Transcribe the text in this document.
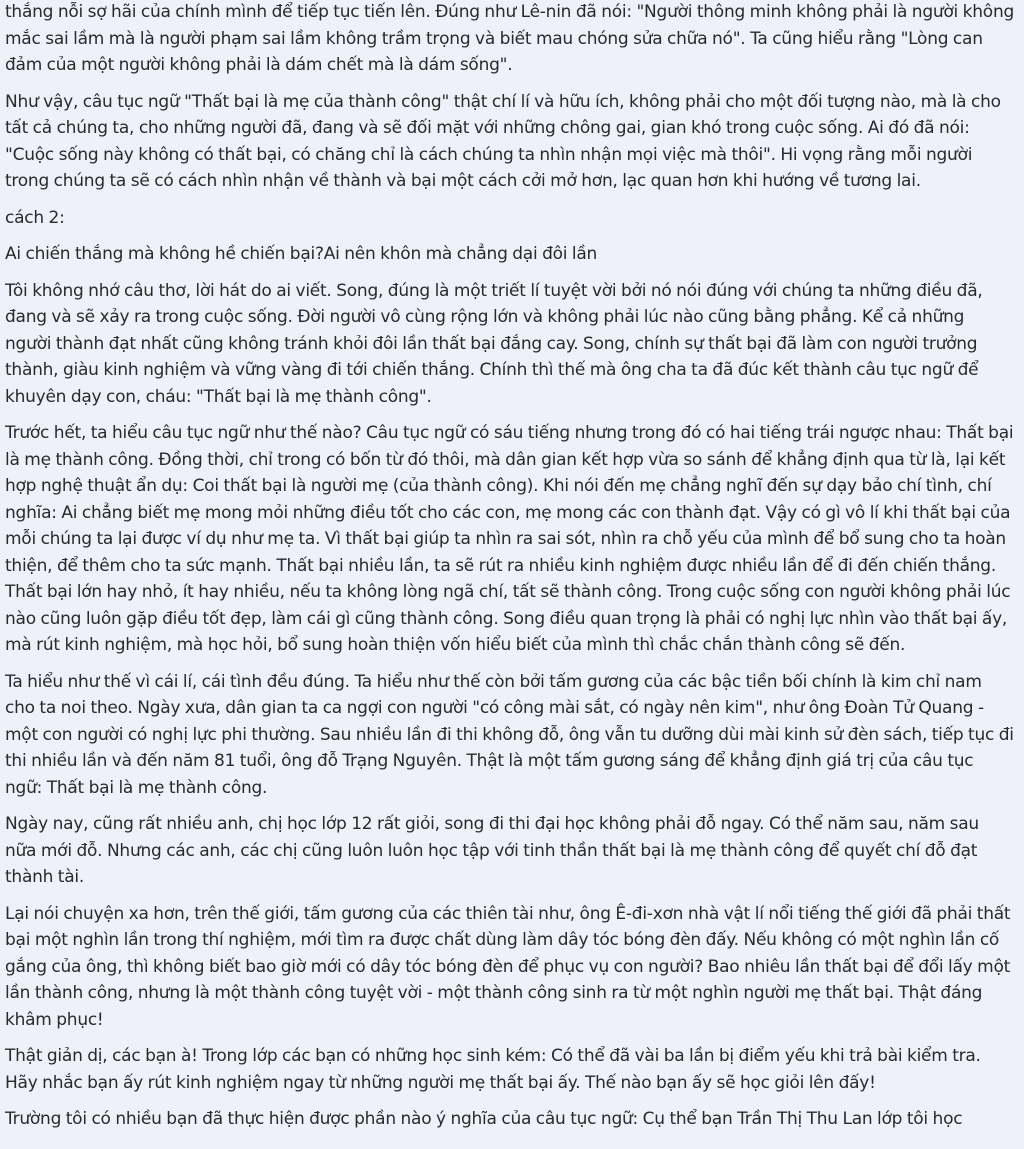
thắng nỗi sợ hãi của chính mình để tiếp tục tiến lên. Đúng như Lê-nin đã nói: "Người thông minh không phải là người không mắc sai lầm mà là người phạm sai lầm không trầm trọng và biết mau chóng sửa chữa nó". Ta cũng hiểu rằng "Lòng can đảm của một người không phải là dám chết mà là dám sống".

Như vậy, câu tục ngữ "Thất bại là mẹ của thành công" thật chí lí và hữu ích, không phải cho một đối tượng nào, mà là cho tất cả chúng ta, cho những người đã, đang và sẽ đối mặt với những chông gai, gian khó trong cuộc sống. Ai đó đã nói: "Cuộc sống này không có thất bại, có chăng chỉ là cách chúng ta nhìn nhận mọi việc mà thôi". Hi vọng rằng mỗi người trong chúng ta sẽ có cách nhìn nhận về thành và bại một cách cởi mở hơn, lạc quan hơn khi hướng về tương lai.

cách 2:

Ai chiến thắng mà không hề chiến bại?Ai nên khôn mà chẳng dại đôi lần

Tôi không nhớ câu thơ, lời hát do ai viết. Song, đúng là một triết lí tuyệt vời bởi nó nói đúng với chúng ta những điều đã, đang và sẽ xảy ra trong cuộc sống. Đời người vô cùng rộng lớn và không phải lúc nào cũng bằng phẳng. Kể cả những người thành đạt nhất cũng không tránh khỏi đôi lần thất bại đắng cay. Song, chính sự thất bại đã làm con người trưởng thành, giàu kinh nghiệm và vững vàng đi tới chiến thắng. Chính thì thế mà ông cha ta đã đúc kết thành câu tục ngữ để khuyên dạy con, cháu: "Thất bại là mẹ thành công".

Trước hết, ta hiểu câu tục ngữ như thế nào? Câu tục ngữ có sáu tiếng nhưng trong đó có hai tiếng trái ngược nhau: Thất bại là mẹ thành công. Đồng thời, chỉ trong có bốn từ đó thôi, mà dân gian kết hợp vừa so sánh để khẳng định qua từ là, lại kết hợp nghệ thuật ẩn dụ: Coi thất bại là người mẹ (của thành công). Khi nói đến mẹ chẳng nghĩ đến sự dạy bảo chí tình, chí nghĩa: Ai chẳng biết mẹ mong mỏi những điều tốt cho các con, mẹ mong các con thành đạt. Vậy có gì vô lí khi thất bại của mỗi chúng ta lại được ví dụ như mẹ ta. Vì thất bại giúp ta nhìn ra sai sót, nhìn ra chỗ yếu của mình để bổ sung cho ta hoàn thiện, để thêm cho ta sức mạnh. Thất bại nhiều lần, ta sẽ rút ra nhiều kinh nghiệm được nhiều lần để đi đến chiến thắng. Thất bại lớn hay nhỏ, ít hay nhiều, nếu ta không lòng ngã chí, tất sẽ thành công. Trong cuộc sống con người không phải lúc nào cũng luôn gặp điều tốt đẹp, làm cái gì cũng thành công. Song điều quan trọng là phải có nghị lực nhìn vào thất bại ấy, mà rút kinh nghiệm, mà học hỏi, bổ sung hoàn thiện vốn hiểu biết của mình thì chắc chắn thành công sẽ đến.

Ta hiểu như thế vì cái lí, cái tình đều đúng. Ta hiểu như thế còn bởi tấm gương của các bậc tiền bối chính là kim chỉ nam cho ta noi theo. Ngày xưa, dân gian ta ca ngợi con người "có công mài sắt, có ngày nên kim", như ông Đoàn Tử Quang - một con người có nghị lực phi thường. Sau nhiều lần đi thi không đỗ, ông vẫn tu dưỡng dùi mài kinh sử đèn sách, tiếp tục đi thi nhiều lần và đến năm 81 tuổi, ông đỗ Trạng Nguyên. Thật là một tấm gương sáng để khẳng định giá trị của câu tục ngữ: Thất bại là mẹ thành công.

Ngày nay, cũng rất nhiều anh, chị học lớp 12 rất giỏi, song đi thi đại học không phải đỗ ngay. Có thể năm sau, năm sau nữa mới đỗ. Nhưng các anh, các chị cũng luôn luôn học tập với tinh thần thất bại là mẹ thành công để quyết chí đỗ đạt thành tài.

Lại nói chuyện xa hơn, trên thế giới, tấm gương của các thiên tài như, ông Ê-đi-xơn nhà vật lí nổi tiếng thế giới đã phải thất bại một nghìn lần trong thí nghiệm, mới tìm ra được chất dùng làm dây tóc bóng đèn đấy. Nếu không có một nghìn lần cố gắng của ông, thì không biết bao giờ mới có dây tóc bóng đèn để phục vụ con người? Bao nhiêu lần thất bại để đổi lấy một lần thành công, nhưng là một thành công tuyệt vời - một thành công sinh ra từ một nghìn người mẹ thất bại. Thật đáng khâm phục!

Thật giản dị, các bạn à! Trong lớp các bạn có những học sinh kém: Có thể đã vài ba lần bị điểm yếu khi trả bài kiểm tra. Hãy nhắc bạn ấy rút kinh nghiệm ngay từ những người mẹ thất bại ấy. Thế nào bạn ấy sẽ học giỏi lên đấy!

Trường tôi có nhiều bạn đã thực hiện được phần nào ý nghĩa của câu tục ngữ: Cụ thể bạn Trần Thị Thu Lan lớp tôi học
